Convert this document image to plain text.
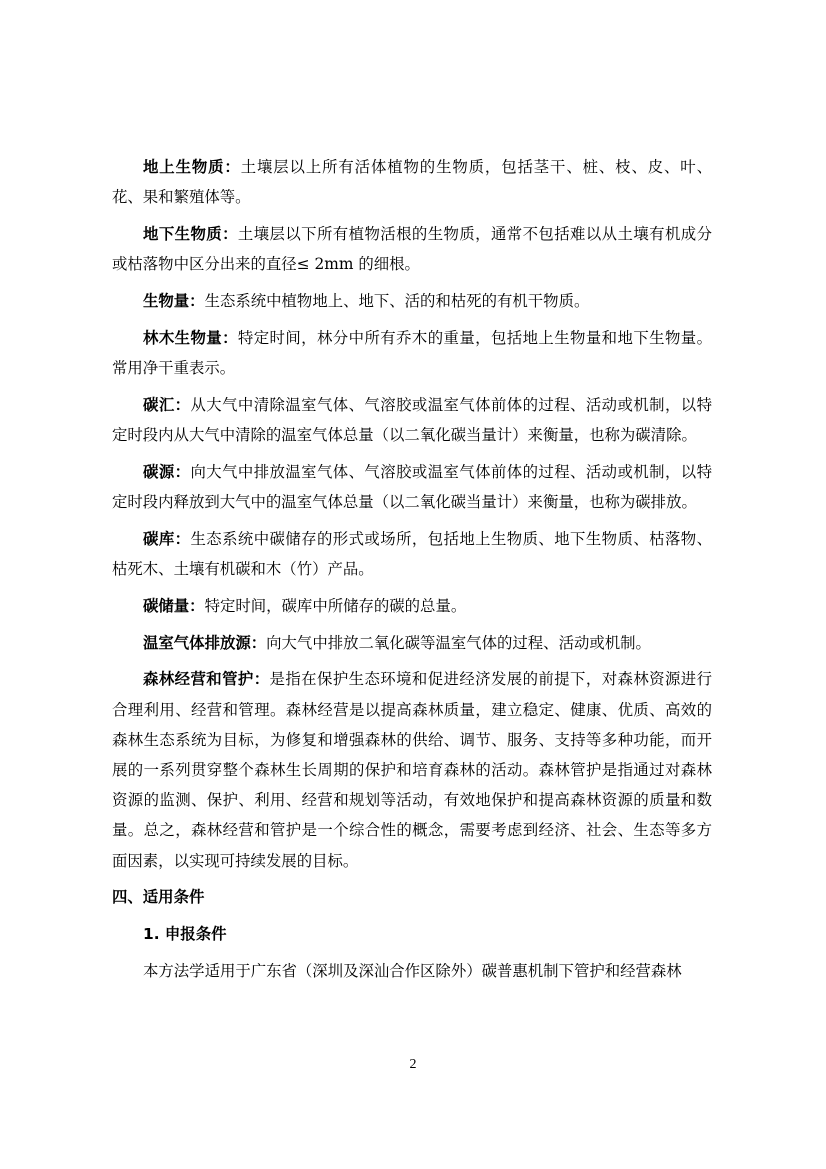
地上生物质：土壤层以上所有活体植物的生物质，包括茎干、桩、枝、皮、叶、花、果和繁殖体等。

地下生物质：土壤层以下所有植物活根的生物质，通常不包括难以从土壤有机成分或枯落物中区分出来的直径≤ 2mm 的细根。

生物量：生态系统中植物地上、地下、活的和枯死的有机干物质。

林木生物量：特定时间，林分中所有乔木的重量，包括地上生物量和地下生物量。常用净干重表示。

碳汇：从大气中清除温室气体、气溶胶或温室气体前体的过程、活动或机制，以特定时段内从大气中清除的温室气体总量（以二氧化碳当量计）来衡量，也称为碳清除。

碳源：向大气中排放温室气体、气溶胶或温室气体前体的过程、活动或机制，以特定时段内释放到大气中的温室气体总量（以二氧化碳当量计）来衡量，也称为碳排放。

碳库：生态系统中碳储存的形式或场所，包括地上生物质、地下生物质、枯落物、枯死木、土壤有机碳和木（竹）产品。

碳储量：特定时间，碳库中所储存的碳的总量。

温室气体排放源：向大气中排放二氧化碳等温室气体的过程、活动或机制。

森林经营和管护：是指在保护生态环境和促进经济发展的前提下，对森林资源进行合理利用、经营和管理。森林经营是以提高森林质量，建立稳定、健康、优质、高效的森林生态系统为目标，为修复和增强森林的供给、调节、服务、支持等多种功能，而开展的一系列贯穿整个森林生长周期的保护和培育森林的活动。森林管护是指通过对森林资源的监测、保护、利用、经营和规划等活动，有效地保护和提高森林资源的质量和数量。总之，森林经营和管护是一个综合性的概念，需要考虑到经济、社会、生态等多方面因素，以实现可持续发展的目标。

四、适用条件

1. 申报条件

本方法学适用于广东省（深圳及深汕合作区除外）碳普惠机制下管护和经营森林

2
